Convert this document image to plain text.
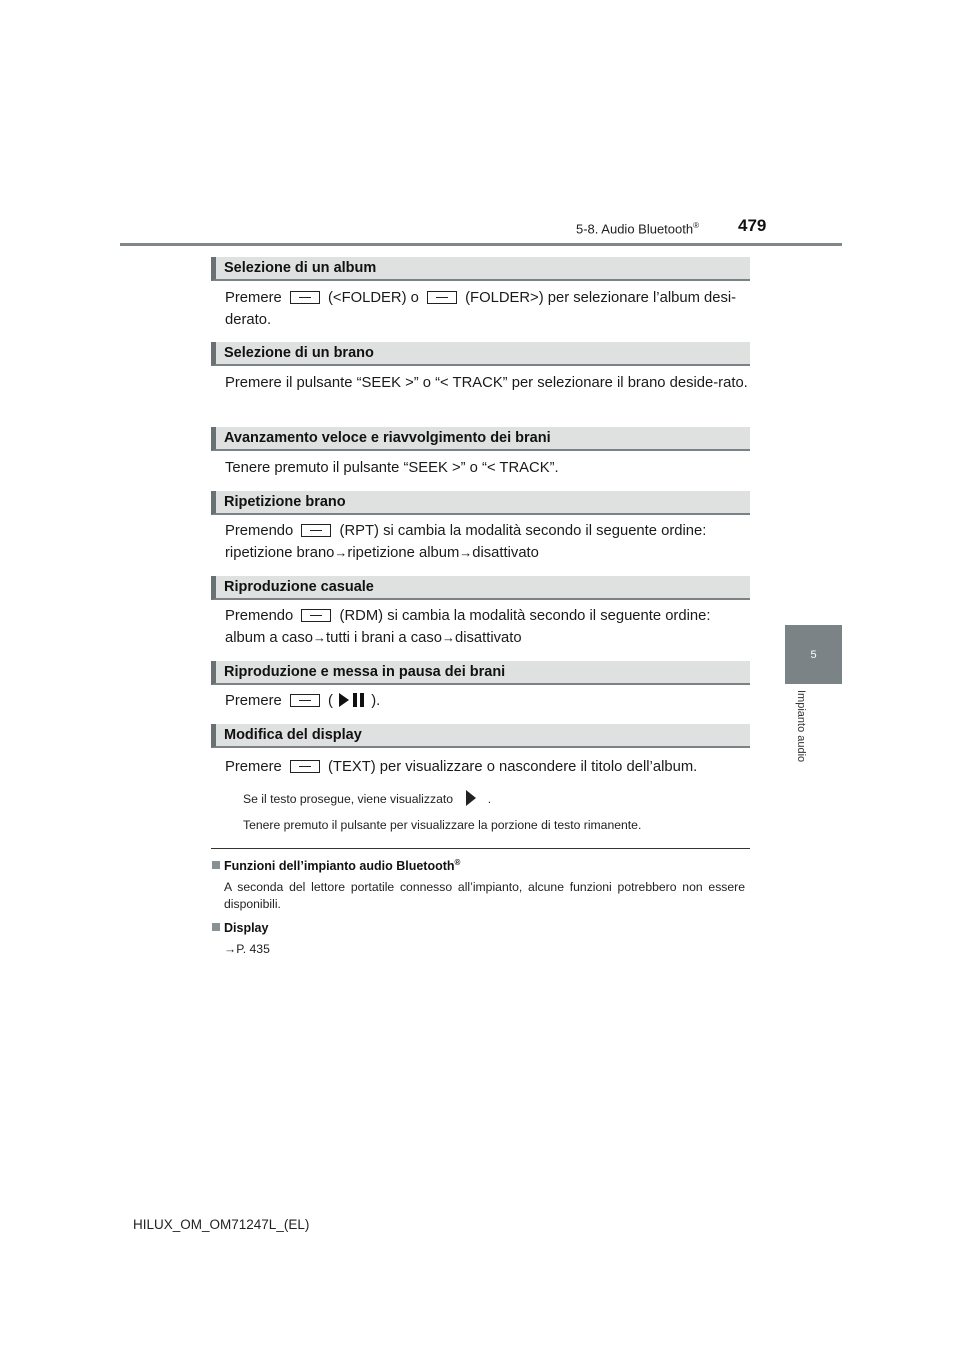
5-8. Audio Bluetooth® 479
5
Impianto audio
Selezione di un album
Premere	(<FOLDER) o	(FOLDER>) per selezionare l’album desi-
derato.
Selezione di un brano
Premere il pulsante “SEEK >” o “< TRACK” per selezionare il brano deside-rato.
Avanzamento veloce e riavvolgimento dei brani
Tenere premuto il pulsante “SEEK >” o “< TRACK”.
Ripetizione brano
Premendo	(RPT) si cambia la modalità secondo il seguente ordine:
ripetizione brano→ripetizione album→disattivato
Riproduzione casuale
Premendo	(RDM) si cambia la modalità secondo il seguente ordine:
album a caso→tutti i brani a caso→disattivato
Riproduzione e messa in pausa dei brani
Premere	(	).
Modifica del display
Premere	(TEXT) per visualizzare o nascondere il titolo dell’album.
Se il testo prosegue, viene visualizzato	.
Tenere premuto il pulsante per visualizzare la porzione di testo rimanente.
Funzioni dell’impianto audio Bluetooth®
A seconda del lettore portatile connesso all’impianto, alcune funzioni potrebbero non essere disponibili.
Display
→P. 435
HILUX_OM_OM71247L_(EL)
